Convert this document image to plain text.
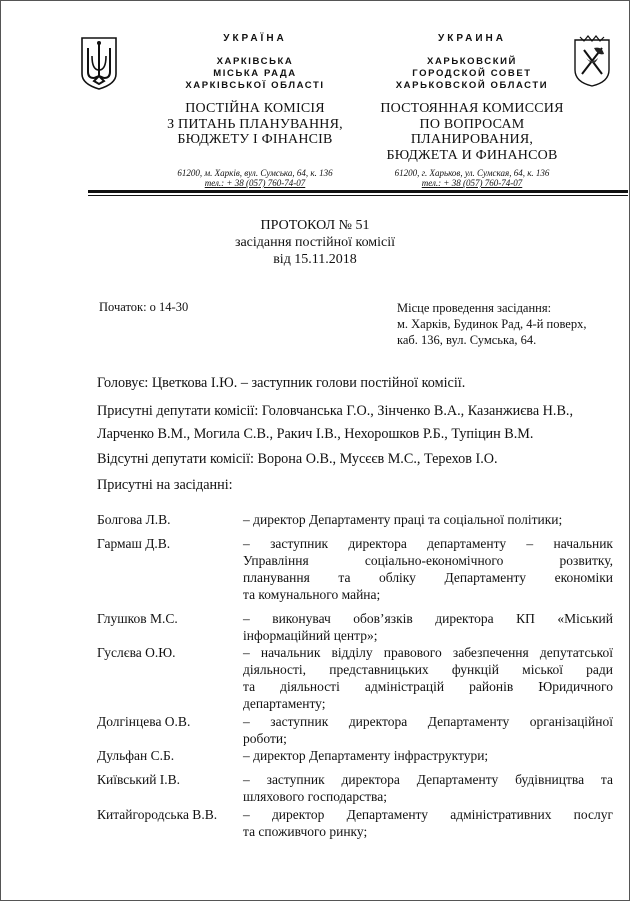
УКРАЇНА
ХАРКІВСЬКА
МІСЬКА РАДА
ХАРКІВСЬКОЇ ОБЛАСТІ
ПОСТІЙНА КОМІСІЯ
З ПИТАНЬ ПЛАНУВАННЯ,
БЮДЖЕТУ І ФІНАНСІВ
61200, м. Харків, вул. Сумська, 64, к. 136
тел.: + 38 (057) 760-74-07
УКРАИНА
ХАРЬКОВСКИЙ
ГОРОДСКОЙ СОВЕТ
ХАРЬКОВСКОЙ ОБЛАСТИ
ПОСТОЯННАЯ КОМИССИЯ
ПО ВОПРОСАМ ПЛАНИРОВАНИЯ,
БЮДЖЕТА И ФИНАНСОВ
61200, г. Харьков, ул. Сумская, 64, к. 136
тел.: + 38 (057) 760-74-07
ПРОТОКОЛ № 51
засідання постійної комісії
від 15.11.2018
Початок: о 14-30	Місце проведення засідання:
м. Харків, Будинок Рад, 4-й поверх,
каб. 136, вул. Сумська, 64.
Головує: Цветкова І.Ю. – заступник голови постійної комісії.
Присутні депутати комісії: Головчанська Г.О., Зінченко В.А., Казанжиєва Н.В.,
Ларченко В.М., Могила С.В., Ракич І.В., Нехорошков Р.Б., Тупіцин В.М.
Відсутні депутати комісії: Ворона О.В., Мусєєв М.С., Терехов І.О.
Присутні на засіданні:
Болгова Л.В.	– директор Департаменту праці та соціальної політики;
Гармаш Д.В.	– заступник директора департаменту – начальник
Управління соціально-економічного розвитку,
планування та обліку Департаменту економіки
та комунального майна;
Глушков М.С.	– виконувач обов’язків директора КП «Міський
інформаційний центр»;
Гуслєва О.Ю.	– начальник відділу правового забезпечення депутатської
діяльності, представницьких функцій міської ради
та діяльності адміністрацій районів Юридичного
департаменту;
Долгінцева О.В.	– заступник директора Департаменту організаційної
роботи;
Дульфан С.Б.	– директор Департаменту інфраструктури;
Київський І.В.	– заступник директора Департаменту будівництва та
шляхового господарства;
Китайгородська В.В.	– директор Департаменту адміністративних послуг
та споживчого ринку;
